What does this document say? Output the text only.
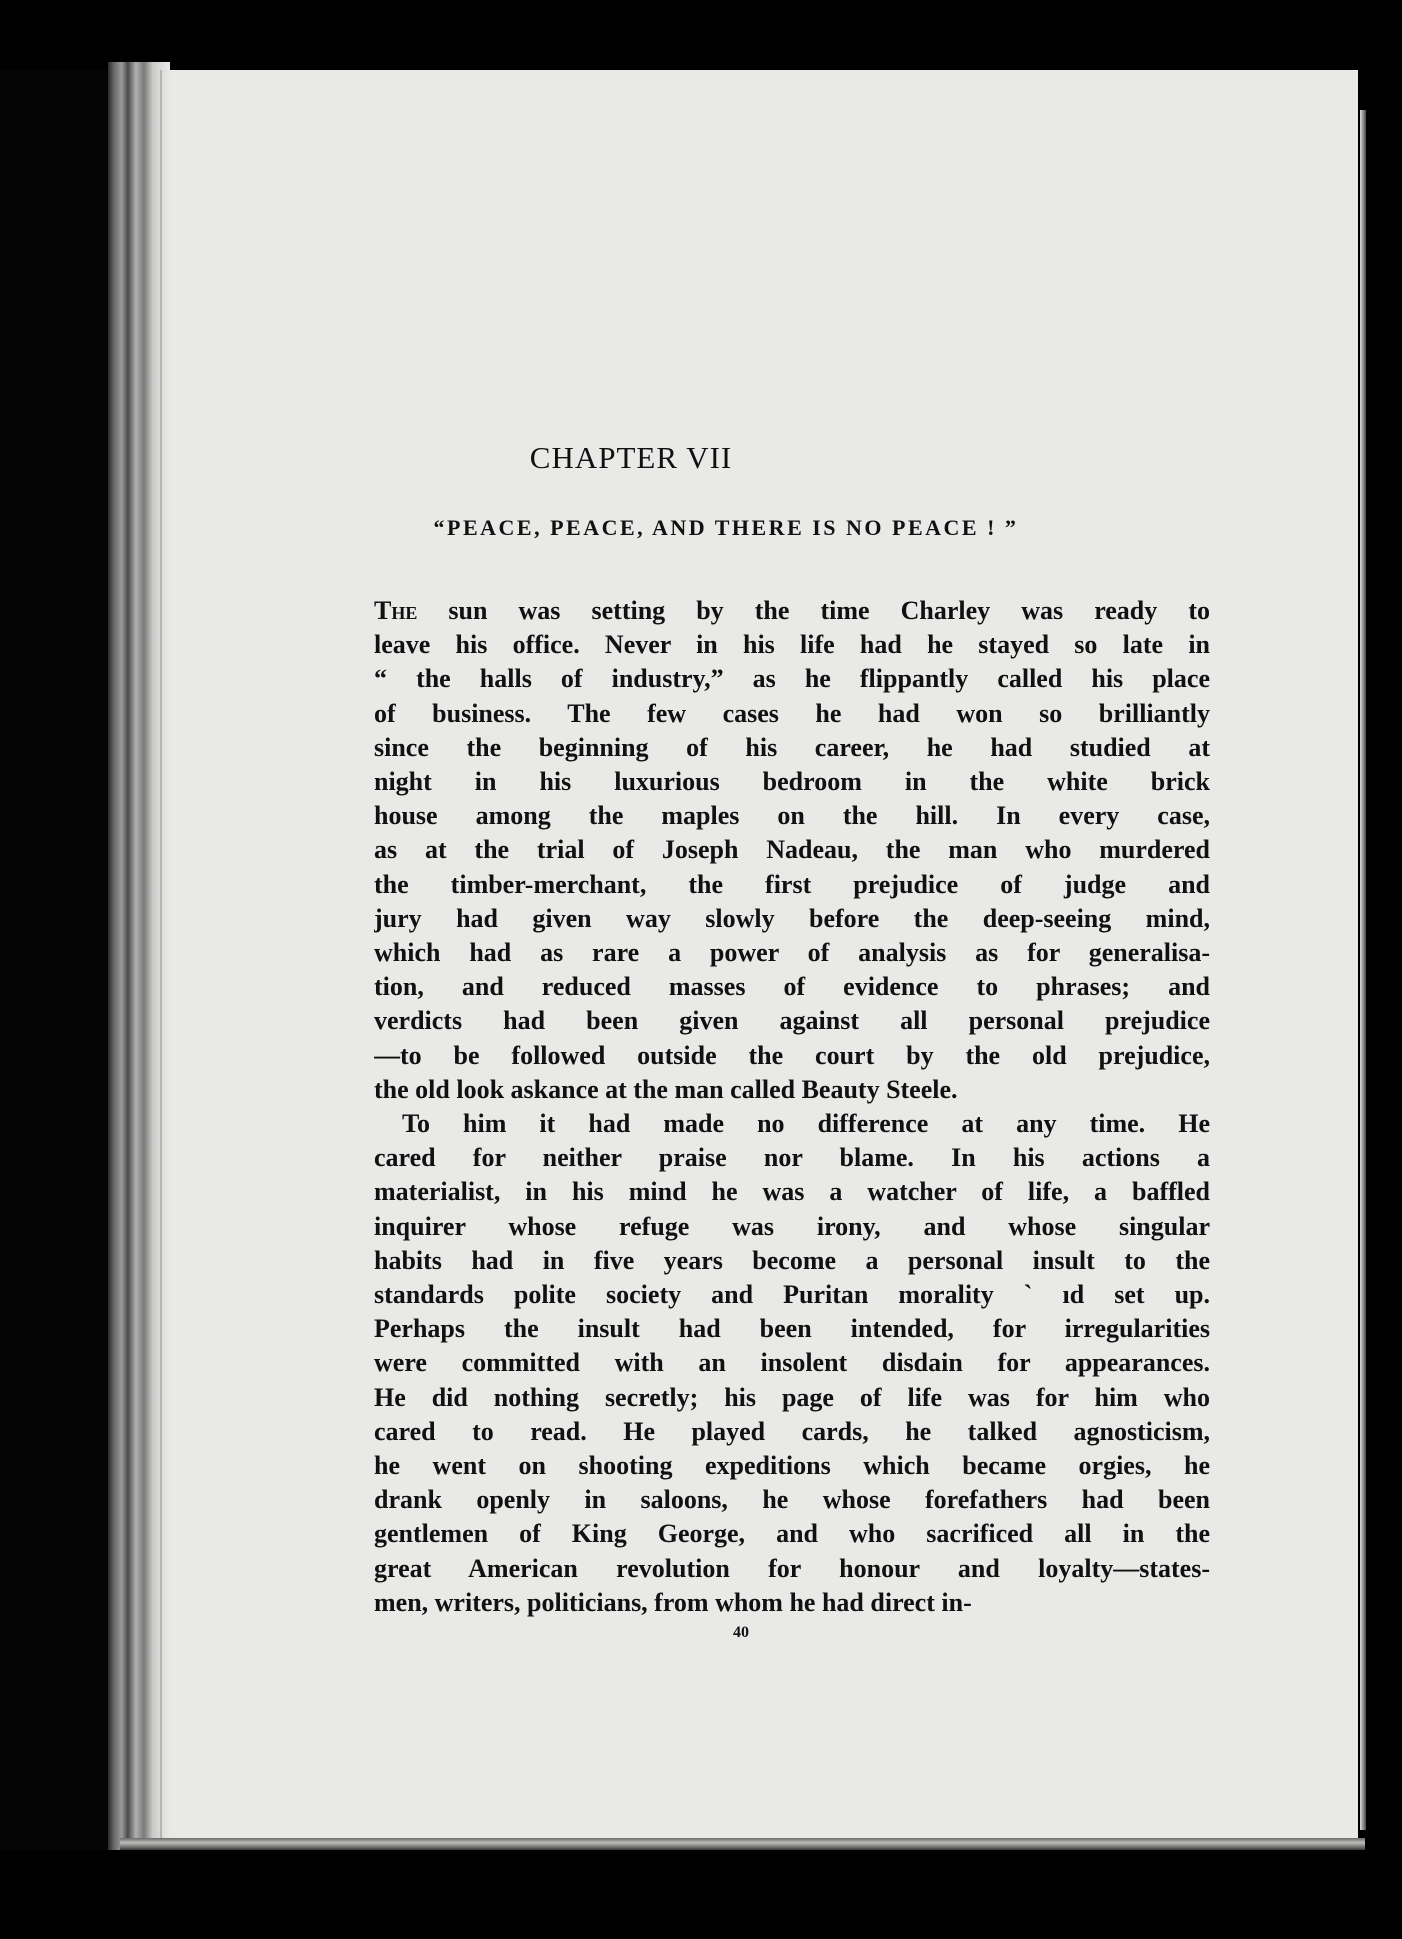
CHAPTER VII
“PEACE, PEACE, AND THERE IS NO PEACE ! ”
The sun was setting by the time Charley was ready to
leave his office. Never in his life had he stayed so late in
“ the halls of industry,” as he flippantly called his place
of business. The few cases he had won so brilliantly
since the beginning of his career, he had studied at
night in his luxurious bedroom in the white brick
house among the maples on the hill. In every case,
as at the trial of Joseph Nadeau, the man who murdered
the timber-merchant, the first prejudice of judge and
jury had given way slowly before the deep-seeing mind,
which had as rare a power of analysis as for generalisa-
tion, and reduced masses of evidence to phrases; and
verdicts had been given against all personal prejudice
—to be followed outside the court by the old prejudice,
the old look askance at the man called Beauty Steele.
To him it had made no difference at any time. He
cared for neither praise nor blame. In his actions a
materialist, in his mind he was a watcher of life, a baffled
inquirer whose refuge was irony, and whose singular
habits had in five years become a personal insult to the
standards polite society and Puritan morality ` ıd set up.
Perhaps the insult had been intended, for irregularities
were committed with an insolent disdain for appearances.
He did nothing secretly; his page of life was for him who
cared to read. He played cards, he talked agnosticism,
he went on shooting expeditions which became orgies, he
drank openly in saloons, he whose forefathers had been
gentlemen of King George, and who sacrificed all in the
great American revolution for honour and loyalty—states-
men, writers, politicians, from whom he had direct in-
40
